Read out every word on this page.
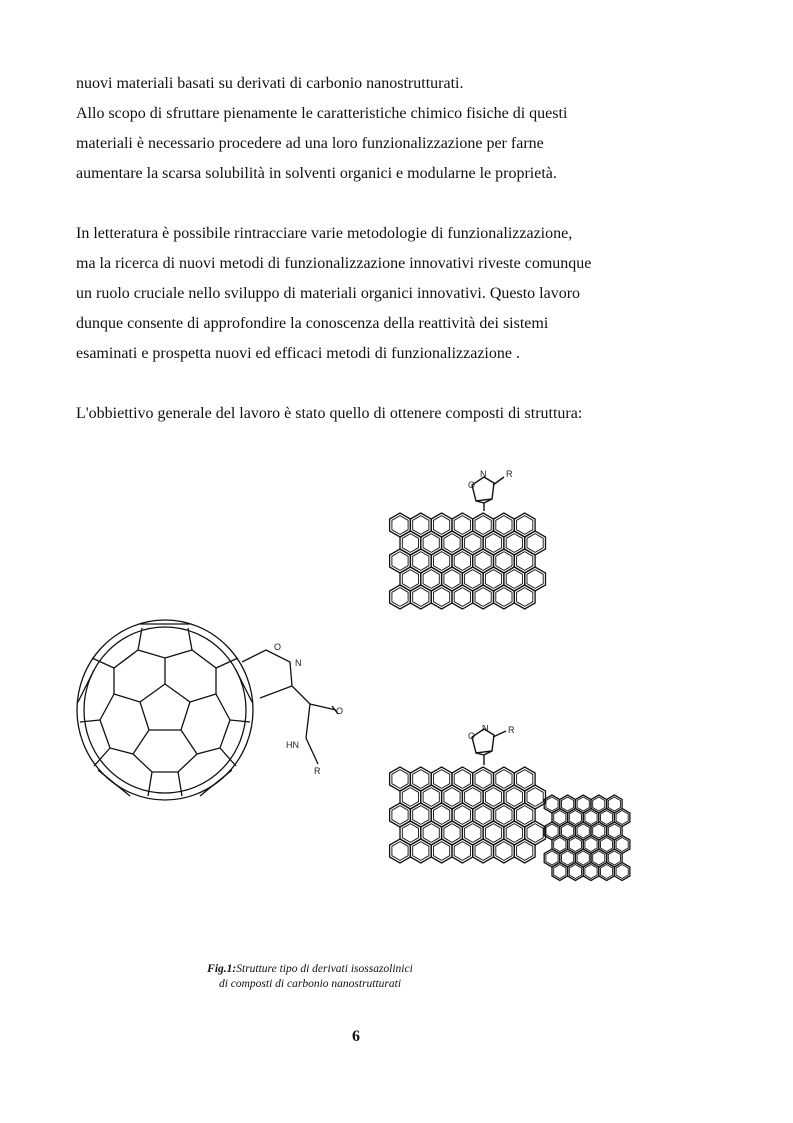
nuovi materiali basati su derivati di carbonio nanostrutturati.
Allo scopo di sfruttare pienamente le caratteristiche chimico fisiche di questi
materiali è necessario procedere ad una loro funzionalizzazione per farne
aumentare la scarsa solubilità in solventi organici e modularne le proprietà.
In letteratura è possibile rintracciare varie metodologie di funzionalizzazione,
ma la ricerca di nuovi metodi di funzionalizzazione innovativi riveste comunque
un ruolo cruciale nello sviluppo di materiali organici innovativi. Questo lavoro
dunque consente di approfondire la conoscenza della reattività dei sistemi
esaminati e prospetta nuovi ed efficaci metodi di funzionalizzazione .
L'obbiettivo generale del lavoro è stato quello di ottenere composti di struttura:
O
N R
O
N
O
HN
R
O
N R
Fig.1:Strutture tipo di derivati isossazolinici
di composti di carbonio nanostrutturati
6
